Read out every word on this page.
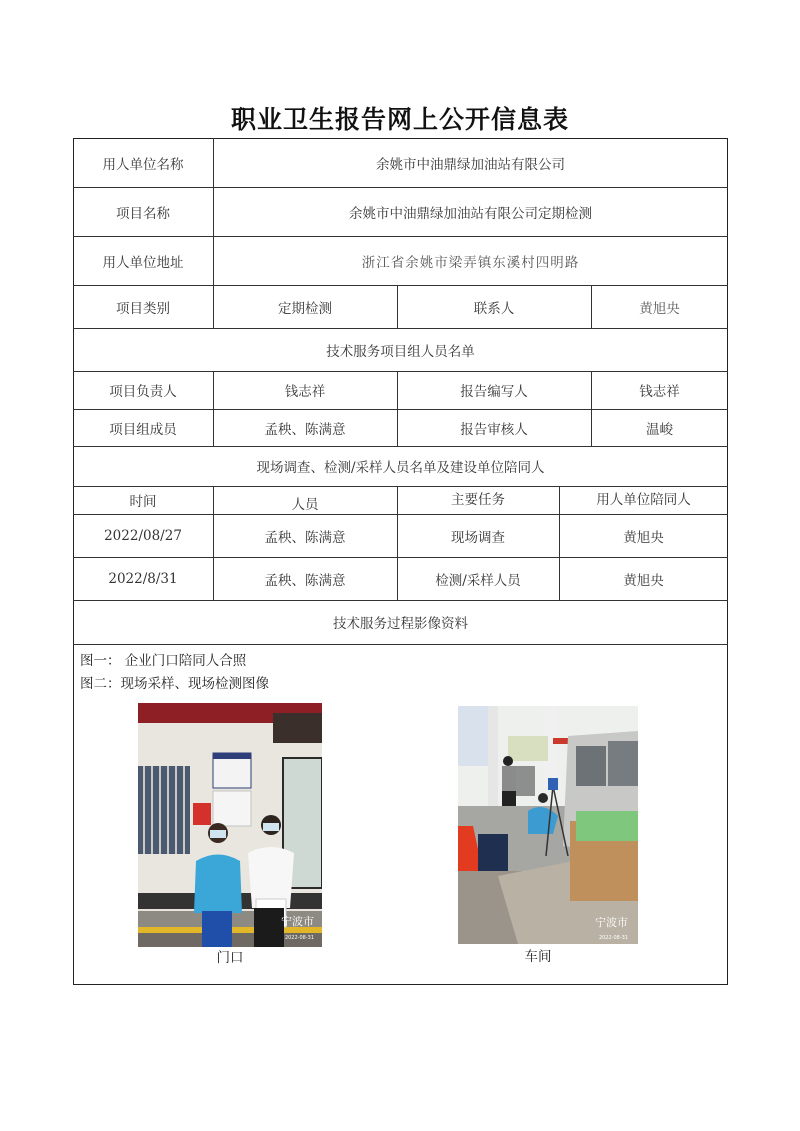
职业卫生报告网上公开信息表
用人单位名称	余姚市中油鼎绿加油站有限公司
项目名称	余姚市中油鼎绿加油站有限公司定期检测
用人单位地址	浙江省余姚市梁弄镇东溪村四明路
项目类别	定期检测	联系人	黄旭央
技术服务项目组人员名单
项目负责人	钱志祥	报告编写人	钱志祥
项目组成员	孟秧、陈满意	报告审核人	温峻
现场调查、检测/采样人员名单及建设单位陪同人
时间	人员	主要任务	用人单位陪同人
2022/08/27	孟秧、陈满意	现场调查	黄旭央
2022/8/31	孟秧、陈满意	检测/采样人员	黄旭央
技术服务过程影像资料
图一： 企业门口陪同人合照
图二：现场采样、现场检测图像
宁波市
2022-08-31
门口
宁波市
2022-08-31
车间
